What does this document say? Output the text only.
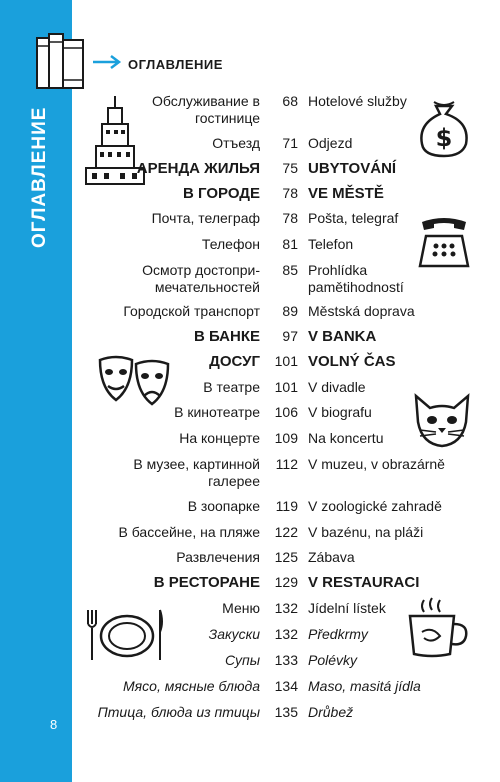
ОГЛАВЛЕНИЕ
8
ОГЛАВЛЕНИЕ
$
Обслуживание в гостинице
68 Hotelové služby
Отъезд	71 Odjezd
АРЕНДА ЖИЛЬЯ	75 UBYTOVÁNÍ
В ГОРОДЕ	78 VE MĚSTĚ
Почта, телеграф	78 Pošta, telegraf
Телефон	81 Telefon
Осмотр достопри-мечательностей
85 Prohlídka pamětihodností
Городской транспорт	89 Městská doprava
В БАНКЕ	97 V BANKA
ДОСУГ	101 VOLNÝ ČAS
В театре	101 V divadle
В кинотеатре	106 V biografu
На концерте	109 Na koncertu
В музее, картинной галерее
112 V muzeu, v obrazárně
В зоопарке	119 V zoologické zahradě
В бассейне, на пляже	122 V bazénu, na pláži
Развлечения	125 Zábava
В РЕСТОРАНЕ	129 V RESTAURACI
Меню	132 Jídelní lístek
Закуски	132 Předkrmy
Супы	133 Polévky
Мясо, мясные блюда	134 Maso, masitá jídla
Птица, блюда из птицы	135 Drůbež
